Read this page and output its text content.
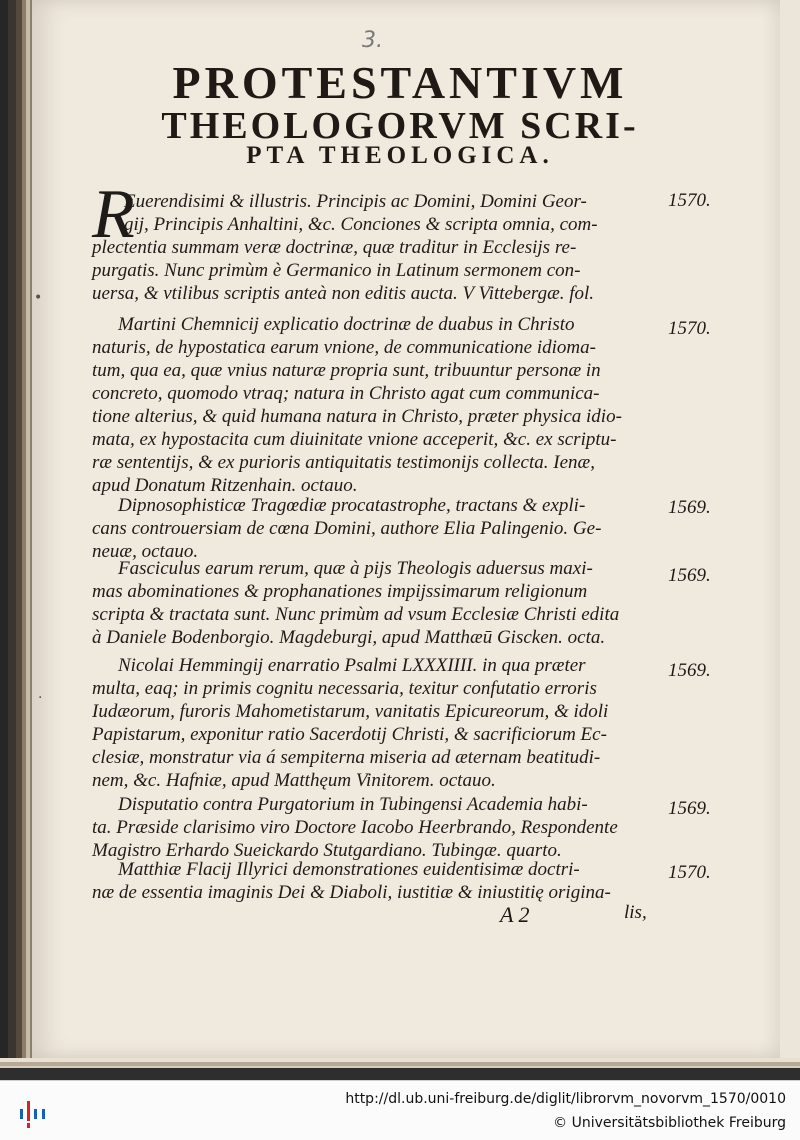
3.
PROTESTANTIVM
THEOLOGORVM SCRI-
PTA THEOLOGICA.
R
Euerendisimi & illustris. Principis ac Domini, Domini Geor-
gij, Principis Anhaltini, &c. Conciones & scripta omnia, com-
plectentia summam veræ doctrinæ, quæ traditur in Ecclesijs re-
purgatis. Nunc primùm è Germanico in Latinum sermonem con-
uersa, & vtilibus scriptis anteà non editis aucta. V Vittebergæ. fol.
1570.
Martini Chemnicij explicatio doctrinæ de duabus in Christo
naturis, de hypostatica earum vnione, de communicatione idioma-
tum, qua ea, quæ vnius naturæ propria sunt, tribuuntur personæ in
concreto, quomodo vtraq; natura in Christo agat cum communica-
tione alterius, & quid humana natura in Christo, præter physica idio-
mata, ex hypostacita cum diuinitate vnione acceperit, &c. ex scriptu-
ræ sententijs, & ex purioris antiquitatis testimonijs collecta. Ienæ,
apud Donatum Ritzenhain. octauo.
1570.
Dipnosophisticæ Tragœdiæ procatastrophe, tractans & expli-
cans controuersiam de cœna Domini, authore Elia Palingenio. Ge-
neuæ, octauo.
1569.
Fasciculus earum rerum, quæ à pijs Theologis aduersus maxi-
mas abominationes & prophanationes impijssimarum religionum
scripta & tractata sunt. Nunc primùm ad vsum Ecclesiæ Christi edita
à Daniele Bodenborgio. Magdeburgi, apud Matthæū Giscken. octa.
1569.
Nicolai Hemmingij enarratio Psalmi LXXXIIII. in qua præter
multa, eaq; in primis cognitu necessaria, texitur confutatio erroris
Iudæorum, furoris Mahometistarum, vanitatis Epicureorum, & idoli
Papistarum, exponitur ratio Sacerdotij Christi, & sacrificiorum Ec-
clesiæ, monstratur via á sempiterna miseria ad æternam beatitudi-
nem, &c. Hafniæ, apud Matthęum Vinitorem. octauo.
1569.
Disputatio contra Purgatorium in Tubingensi Academia habi-
ta. Præside clarisimo viro Doctore Iacobo Heerbrando, Respondente
Magistro Erhardo Sueickardo Stutgardiano. Tubingæ. quarto.
1569.
Matthiæ Flacij Illyrici demonstrationes euidentisimæ doctri-
næ de essentia imaginis Dei & Diaboli, iustitiæ & iniustitię origina-
1570.
A 2	lis,
•
·
http://dl.ub.uni-freiburg.de/diglit/librorvm_novorvm_1570/0010
© Universitätsbibliothek Freiburg
